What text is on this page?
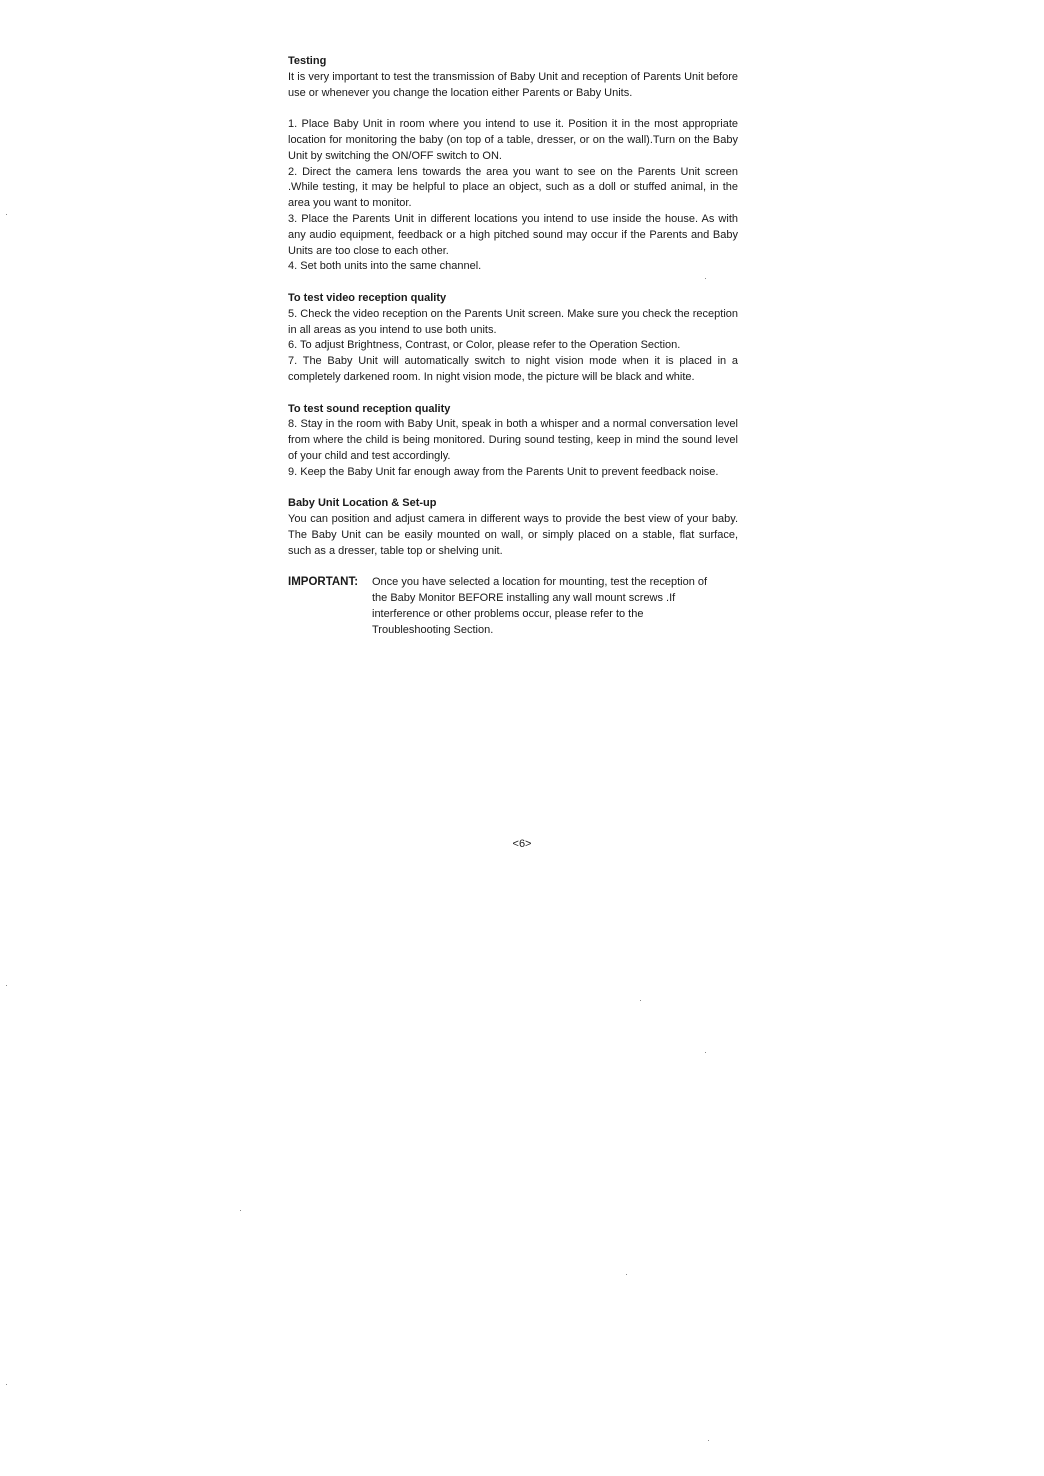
Testing

It is very important to test the transmission of Baby Unit and reception of Parents Unit before use or whenever you change the location either Parents or Baby Units.

1. Place Baby Unit in room where you intend to use it. Position it in the most appropriate location for monitoring the baby (on top of a table, dresser, or on the wall).Turn on the Baby Unit by switching the ON/OFF switch to ON.

2. Direct the camera lens towards the area you want to see on the Parents Unit screen .While testing, it may be helpful to place an object, such as a doll or stuffed animal, in the area you want to monitor.

3. Place the Parents Unit in different locations you intend to use inside the house. As with any audio equipment, feedback or a high pitched sound may occur if the Parents and Baby Units are too close to each other.

4. Set both units into the same channel.

To test video reception quality

5. Check the video reception on the Parents Unit screen. Make sure you check the reception in all areas as you intend to use both units.

6. To adjust Brightness, Contrast, or Color, please refer to the Operation Section.

7. The Baby Unit will automatically switch to night vision mode when it is placed in a completely darkened room. In night vision mode, the picture will be black and white.

To test sound reception quality

8. Stay in the room with Baby Unit, speak in both a whisper and a normal conversation level from where the child is being monitored. During sound testing, keep in mind the sound level of your child and test accordingly.

9. Keep the Baby Unit far enough away from the Parents Unit to prevent feedback noise.

Baby Unit Location & Set-up

You can position and adjust camera in different ways to provide the best view of your baby. The Baby Unit can be easily mounted on wall, or simply placed on a stable, flat surface, such as a dresser, table top or shelving unit.

IMPORTANT:	Once you have selected a location for mounting, test the reception of the Baby Monitor BEFORE installing any wall mount screws .If interference or other problems occur, please refer to the Troubleshooting Section.
<6>
